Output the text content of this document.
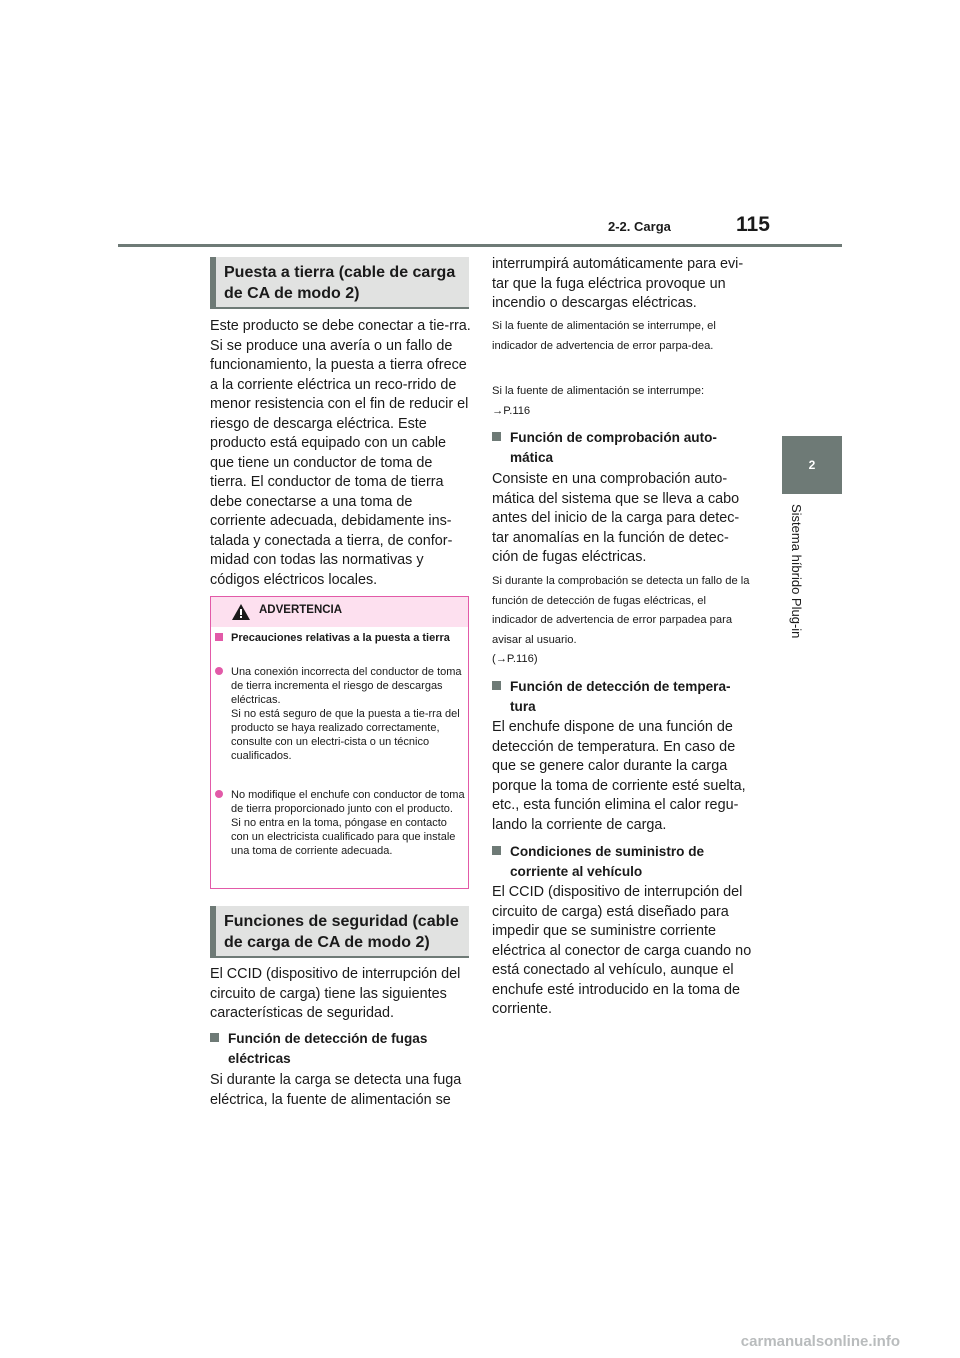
2-2. Carga	115
2
Sistema híbrido Plug-in
Puesta a tierra (cable de carga de CA de modo 2)

Este producto se debe conectar a tie-rra. Si se produce una avería o un fallo de funcionamiento, la puesta a tierra ofrece a la corriente eléctrica un reco-rrido de menor resistencia con el fin de reducir el riesgo de descarga eléctrica. Este producto está equipado con un cable que tiene un conductor de toma de tierra. El conductor de toma de tierra debe conectarse a una toma de corriente adecuada, debidamente ins-talada y conectada a tierra, de confor-midad con todas las normativas y códigos eléctricos locales.

ADVERTENCIA
Precauciones relativas a la puesta a tierra
Una conexión incorrecta del conductor de toma de tierra incrementa el riesgo de descargas eléctricas.
Si no está seguro de que la puesta a tie-rra del producto se haya realizado correctamente, consulte con un electri-cista o un técnico cualificados.
No modifique el enchufe con conductor de toma de tierra proporcionado junto con el producto. Si no entra en la toma, póngase en contacto con un electricista cualificado para que instale una toma de corriente adecuada.
Funciones de seguridad (cable de carga de CA de modo 2)

El CCID (dispositivo de interrupción del circuito de carga) tiene las siguientes características de seguridad.

Función de detección de fugas eléctricas

Si durante la carga se detecta una fuga eléctrica, la fuente de alimentación se

interrumpirá automáticamente para evi-tar que la fuga eléctrica provoque un incendio o descargas eléctricas.

Si la fuente de alimentación se interrumpe, el indicador de advertencia de error parpa-dea.

Si la fuente de alimentación se interrumpe:
→P.116
Función de comprobación auto-mática

Consiste en una comprobación auto-mática del sistema que se lleva a cabo antes del inicio de la carga para detec-tar anomalías en la función de detec-ción de fugas eléctricas.

Si durante la comprobación se detecta un fallo de la función de detección de fugas eléctricas, el indicador de advertencia de error parpadea para avisar al usuario.
(→P.116)
Función de detección de tempera-tura

El enchufe dispone de una función de detección de temperatura. En caso de que se genere calor durante la carga porque la toma de corriente esté suelta, etc., esta función elimina el calor regu-lando la corriente de carga.

Condiciones de suministro de corriente al vehículo

El CCID (dispositivo de interrupción del circuito de carga) está diseñado para impedir que se suministre corriente eléctrica al conector de carga cuando no está conectado al vehículo, aunque el enchufe esté introducido en la toma de corriente.

carmanualsonline.info
